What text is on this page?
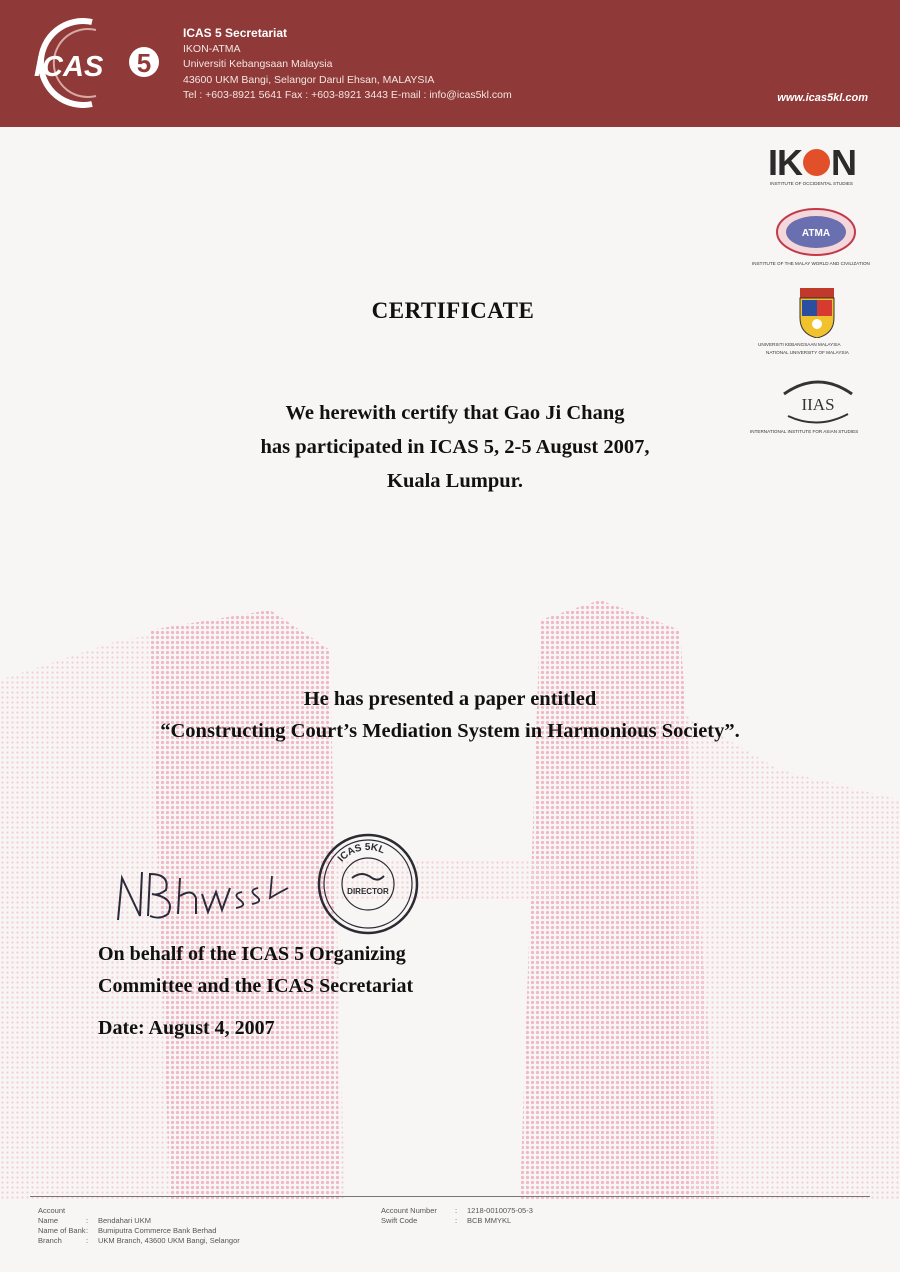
ICAS 5
ICAS 5 Secretariat
IKON-ATMA
Universiti Kebangsaan Malaysia
43600 UKM Bangi, Selangor Darul Ehsan, MALAYSIA
Tel : +603-8921 5641 Fax : +603-8921 3443 E-mail : info@icas5kl.com	www.icas5kl.com
IK N
INSTITUTE OF OCCIDENTAL STUDIES
ATMA
INSTITUTE OF THE MALAY WORLD AND CIVILIZATION
UNIVERSITI KEBANGSAAN MALAYSIA
NATIONAL UNIVERSITY OF MALAYSIA
IIAS
INTERNATIONAL INSTITUTE FOR ASIAN STUDIES
CERTIFICATE
We herewith certify that Gao Ji Chang
has participated in ICAS 5, 2-5 August 2007,
Kuala Lumpur.
He has presented a paper entitled
“Constructing Court’s Mediation System in Harmonious Society”.
ICAS 5KL
DIRECTOR
On behalf of the ICAS 5 Organizing
Committee and the ICAS Secretariat
Date: August 4, 2007
Account Name	: Bendahari UKM
Name of Bank: Bumiputra Commerce Bank Berhad
Branch	: UKM Branch, 43600 UKM Bangi, Selangor
Account Number : 1218-0010075-05-3
Swift Code	: BCB MMYKL
